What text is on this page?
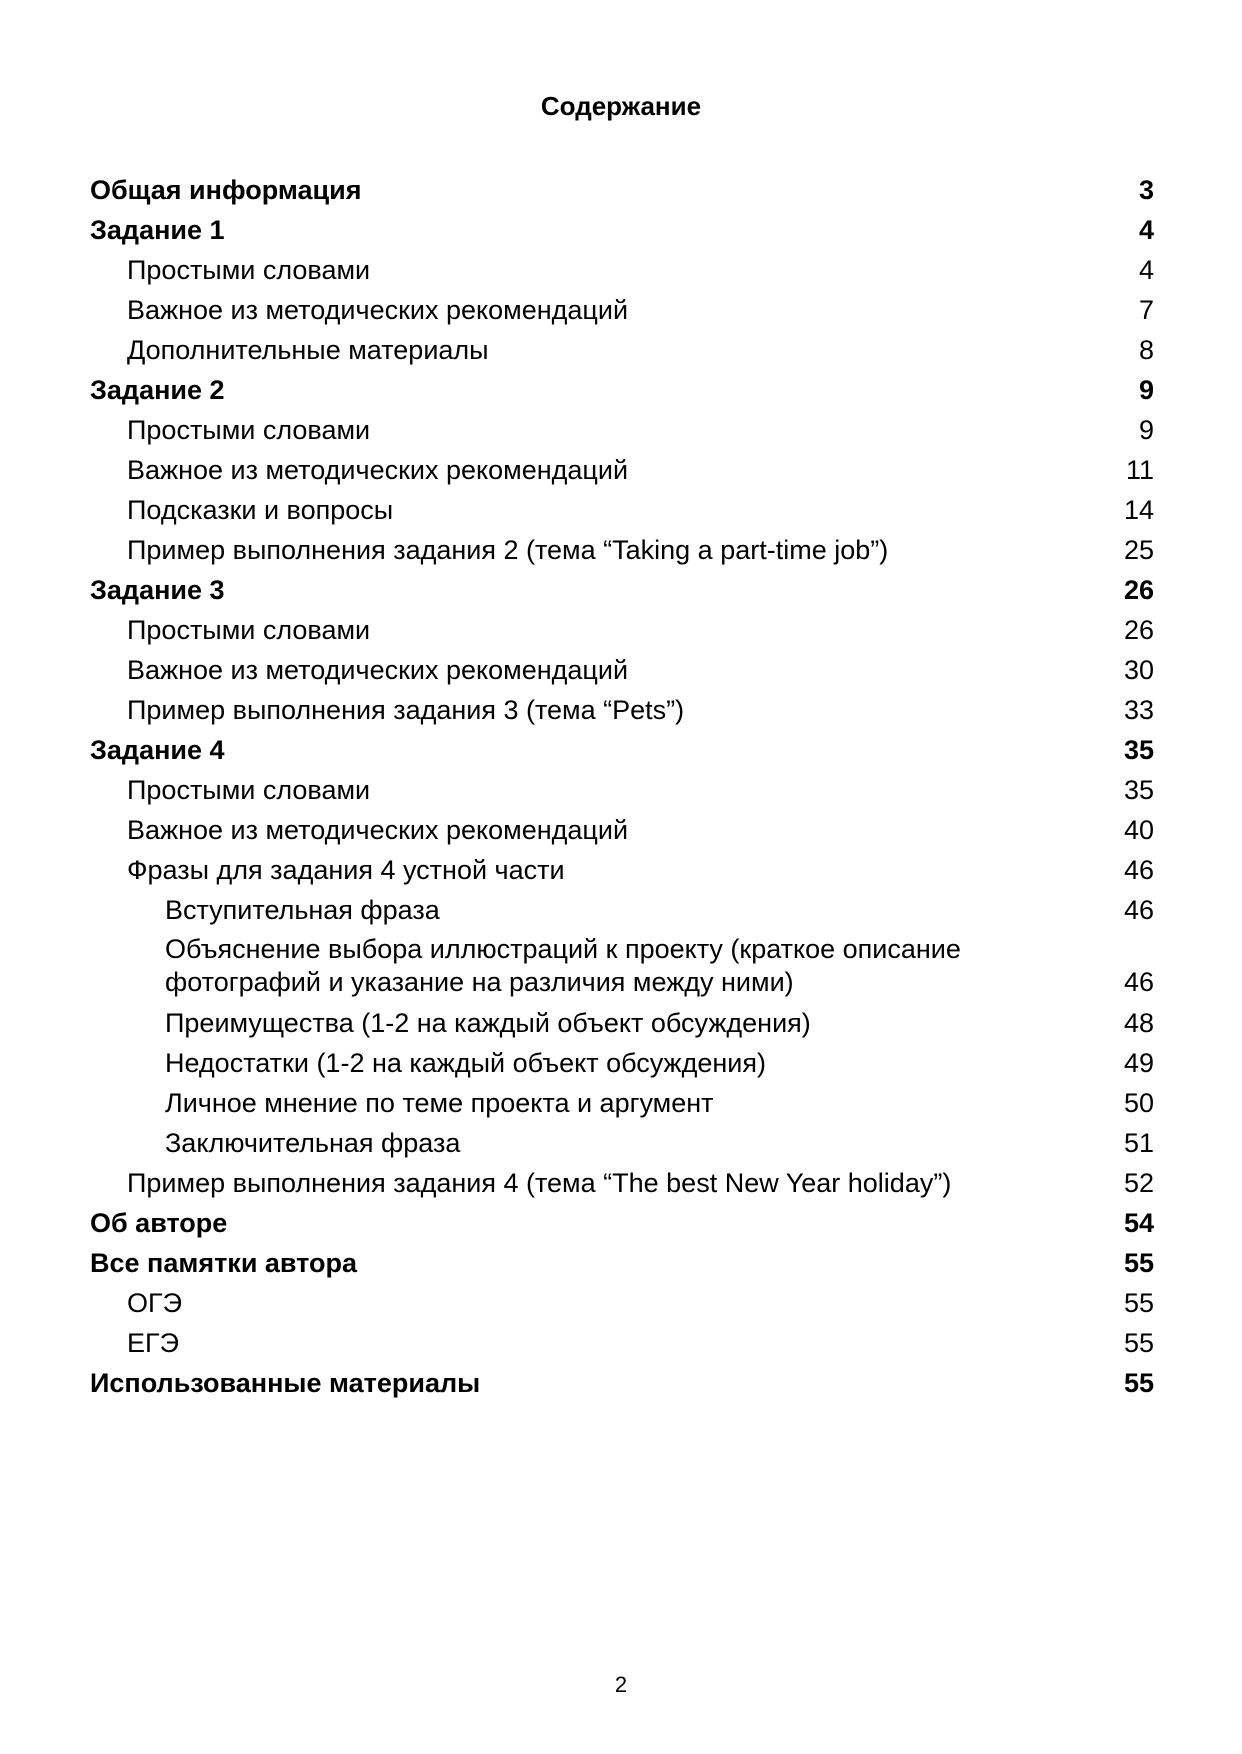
Содержание
Общая информация	3
Задание 1	4
Простыми словами	4
Важное из методических рекомендаций	7
Дополнительные материалы	8
Задание 2	9
Простыми словами	9
Важное из методических рекомендаций	11
Подсказки и вопросы	14
Пример выполнения задания 2 (тема “Taking a part-time job”)	25
Задание 3	26
Простыми словами	26
Важное из методических рекомендаций	30
Пример выполнения задания 3 (тема “Pets”)	33
Задание 4	35
Простыми словами	35
Важное из методических рекомендаций	40
Фразы для задания 4 устной части	46
Вступительная фраза	46
Объяснение выбора иллюстраций к проекту (краткое описание фотографий и указание на различия между ними)	46
Преимущества (1-2 на каждый объект обсуждения)	48
Недостатки (1-2 на каждый объект обсуждения)	49
Личное мнение по теме проекта и аргумент	50
Заключительная фраза	51
Пример выполнения задания 4 (тема “The best New Year holiday”)	52
Об авторе	54
Все памятки автора	55
ОГЭ	55
ЕГЭ	55
Использованные материалы	55
2
